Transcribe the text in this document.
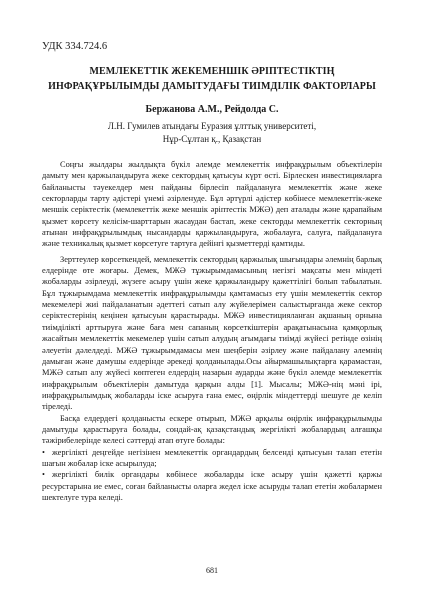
УДК 334.724.6
МЕМЛЕКЕТТІК ЖЕКЕМЕНШІК ӘРІПТЕСТІКТІҢ
ИНФРАҚҰРЫЛЫМДЫ ДАМЫТУДАҒЫ ТИІМДІЛІК ФАКТОРЛАРЫ
Бержанова А.М., Рейдолда С.
Л.Н. Гумилев атындағы Еуразия ұлттық университеті,
Нұр-Сұлтан қ., Қазақстан

Соңғы жылдары жылдықта бүкіл әлемде мемлекеттік инфрақұрылым объектілерін дамыту мен қаржыландыруға жеке сектордың қатысуы күрт өсті. Бірлескен инвестицияларға байланысты тәуекелдер мен пайданы бірлесіп пайдалануға мемлекеттік және жеке секторларды тарту әдістері үнемі әзірленуде. Бұл әртүрлі әдістер көбінесе мемлекеттік-жеке меншік серіктестік (мемлекеттік жеке меншік әріптестік МЖӘ) деп аталады және қарапайым қызмет көрсету келісім-шарттарын жасаудан бастап, жеке секторды мемлекеттік секторның атынан инфрақұрылымдық нысандарды қаржыландыруға, жобалауға, салуға, пайдалануға және техникалық қызмет көрсетуге тартуға дейінгі қызметтерді қамтиды.

Зерттеулер көрсеткендей, мемлекеттік сектордың қаржылық шығындары әлемнің барлық елдерінде өте жоғары. Демек, МЖӘ тұжырымдамасының негізгі мақсаты мен міндеті жобаларды әзірлеуді, жүзеге асыру үшін жеке қаржыландыру қажеттілігі болып табылатын. Бұл тұжырымдама мемлекеттік инфрақұрылымды қамтамасыз ету үшін мемлекеттік сектор мекемелері жиі пайдаланатын әдеттегі сатып алу жүйелерімен салыстырғанда жеке сектор серіктестерінің кеңінен қатысуын қарастырады. МЖӘ инвестицияланған ақшаның орнына тиімділікті арттыруға және баға мен сапаның көрсеткіштерін арақатынасына қамқорлық жасайтын мемлекеттік мекемелер үшін сатып алудың ағымдағы тиімді жүйесі ретінде өзінің әлеуетін дәлелдеді. МЖӘ тұжырымдамасы мен шеңберін әзірлеу және пайдалану әлемнің дамыған және дамушы елдерінде әрекеді қолданылады.Осы айырмашылықтарға қарамастан, МЖӘ сатып алу жүйесі көптеген елдердің назарын аударды және бүкіл әлемде мемлекеттік инфрақұрылым объектілерін дамытуда қарқын алды [1]. Мысалы; МЖӘ-нің мәні ірі, инфрақұрылымдық жобаларды іске асыруға ғана емес, өңірлік міндеттерді шешуге де келіп тіреледі.

Басқа елдердегі қолданысты ескере отырып, МЖӘ арқылы өңірлік инфрақұрылымды дамытуды қарастыруға болады, сондай-ақ қазақстандық жергілікті жобалардың алғашқы тәжірибелерінде келесі сәттерді атап өтуге болады:

• жергілікті деңгейде негізінен мемлекеттік органдардың белсенді қатысуын талап ететін шағын жобалар іске асырылуда;

• жергілікті билік органдары көбінесе жобаларды іске асыру үшін қажетті қаржы ресурстарына ие емес, соған байланысты оларға жедел іске асыруды талап ететін жобалармен шектелуге тура келеді.

681
